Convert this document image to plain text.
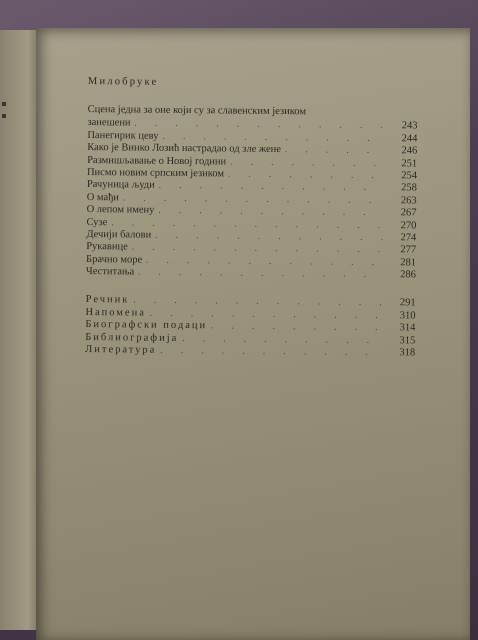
Милобруке
Сцена једна за оне који су за славенским језиком
занешени . . .	243
Панегирик цеву . . .	244
Како је Винко Лозић настрадао од зле жене . . .	246
Размишљавање о Новој години . . .	251
Писмо новим српским језиком . . .	254
Рачуница људи . . .	258
О мађи . . .	263
О лепом имену . . .	267
Сузе . . .	270
Дечији балови . . .	274
Рукавице . . .	277
Брачно море . . .	281
Честитања . . .	286
Речник . . .	291
Напомена . . .	310
Биографски подаци . . .	314
Библиографија . . .	315
Литература . . .	318
